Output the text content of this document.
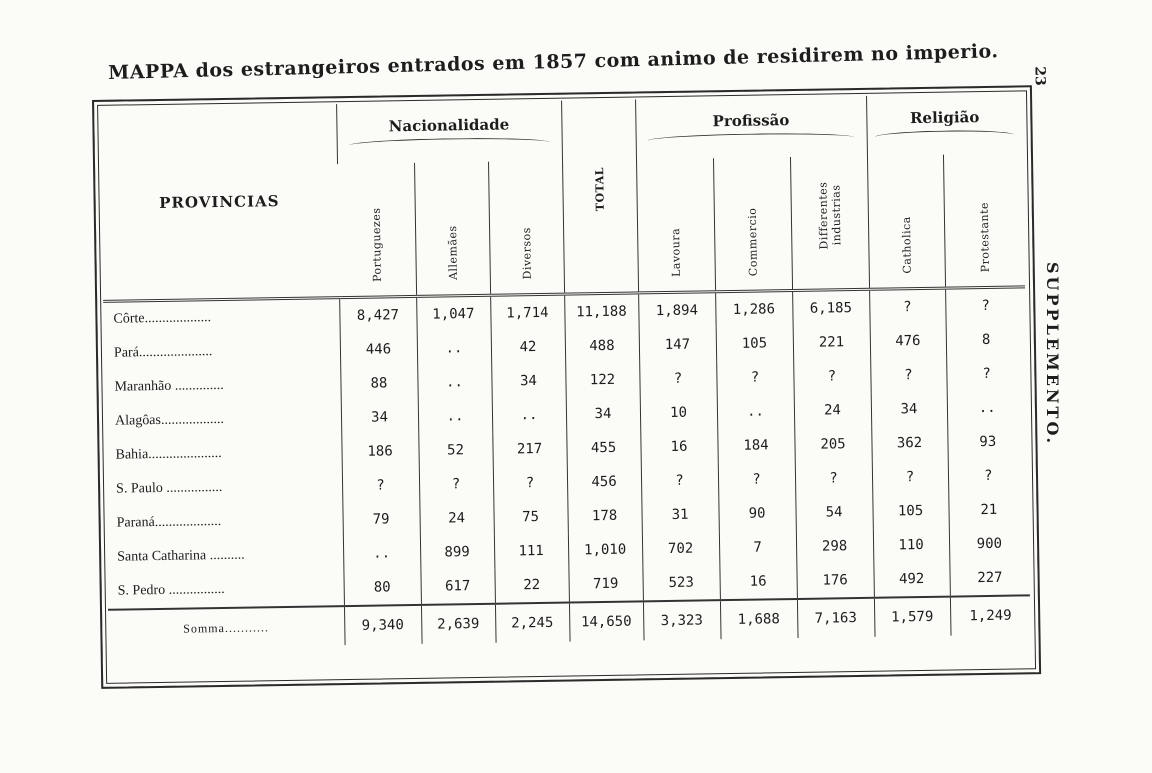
MAPPA dos estrangeiros entrados em 1857 com animo de residirem no imperio.	23
SUPPLEMENTO.
PROVINCIAS	Nacionalidade			TOTAL	Profissão			Religião	

	Portuguezes	Allemães	Diversos		Lavoura	Commercio	Differentes industrias	Catholica	Protestante
Côrte...................	8,427	1,047	1,714	11,188	1,894	1,286	6,185	?	?
Pará.....................	446	..	42	488	147	105	221	476	8
Maranhão ..............	88	..	34	122	?	?	?	?	?
Alagôas..................	34	..	..	34	10	..	24	34	..
Bahia.....................	186	52	217	455	16	184	205	362	93
S. Paulo ................	?	?	?	456	?	?	?	?	?
Paraná...................	79	24	75	178	31	90	54	105	21
Santa Catharina ..........	..	899	111	1,010	702	7	298	110	900
S. Pedro ................	80	617	22	719	523	16	176	492	227
Somma...........	9,340	2,639	2,245	14,650	3,323	1,688	7,163	1,579	1,249
